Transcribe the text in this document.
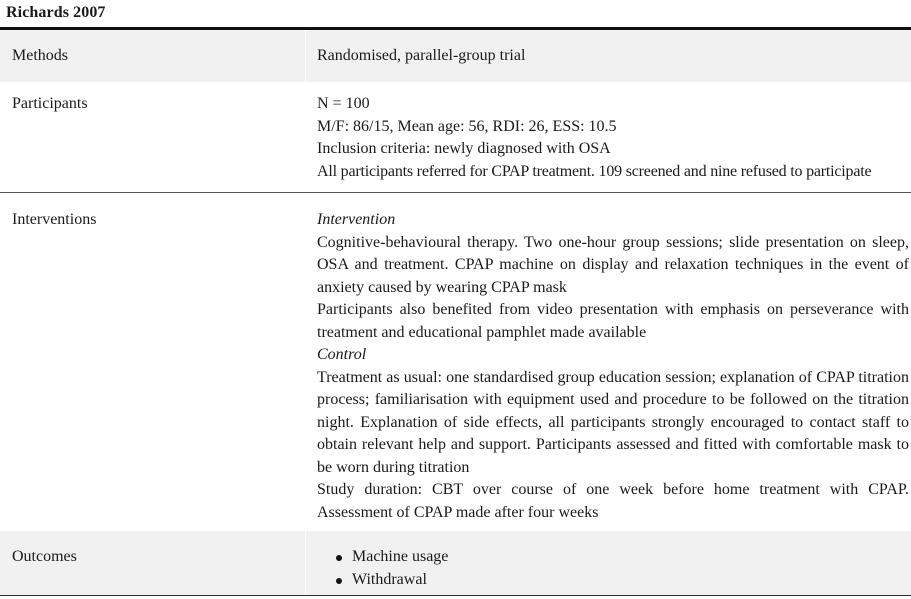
Richards 2007
Methods	Randomised, parallel-group trial
Participants	N = 100

M/F: 86/15, Mean age: 56, RDI: 26, ESS: 10.5

Inclusion criteria: newly diagnosed with OSA

All participants referred for CPAP treatment. 109 screened and nine refused to participate

Interventions	Intervention

Cognitive-behavioural therapy. Two one-hour group sessions; slide presentation on sleep, OSA and treatment. CPAP machine on display and relaxation techniques in the event of anxiety caused by wearing CPAP mask

Participants also benefited from video presentation with emphasis on perseverance with treatment and educational pamphlet made available

Control

Treatment as usual: one standardised group education session; explanation of CPAP titration process; familiarisation with equipment used and procedure to be followed on the titration night. Explanation of side effects, all participants strongly encouraged to contact staff to obtain relevant help and support. Participants assessed and fitted with comfortable mask to be worn during titration

Study duration: CBT over course of one week before home treatment with CPAP. Assessment of CPAP made after four weeks

Outcomes	Machine usage
Withdrawal
